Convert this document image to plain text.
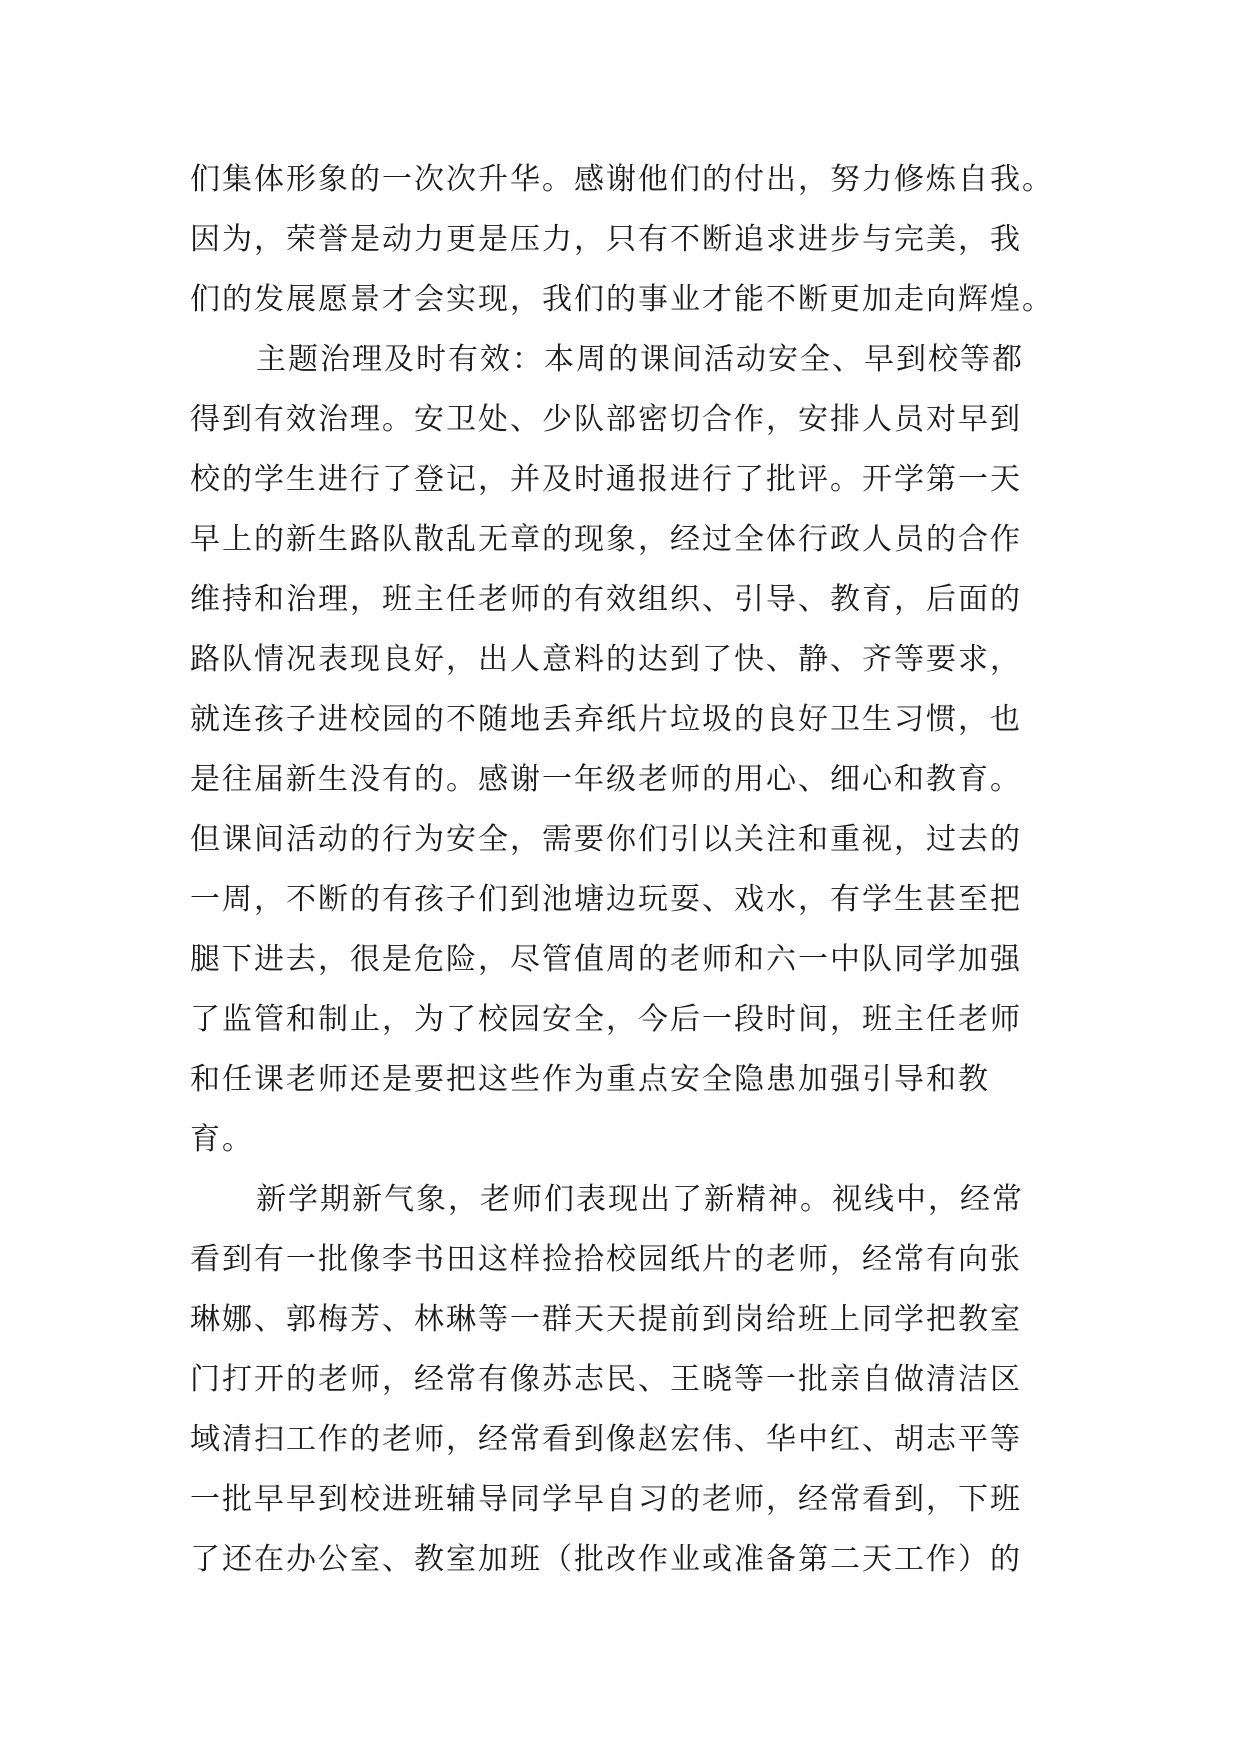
们集体形象的一次次升华。感谢他们的付出，努力修炼自我。
因为，荣誉是动力更是压力，只有不断追求进步与完美，我
们的发展愿景才会实现，我们的事业才能不断更加走向辉煌。
主题治理及时有效：本周的课间活动安全、早到校等都
得到有效治理。安卫处、少队部密切合作，安排人员对早到
校的学生进行了登记，并及时通报进行了批评。开学第一天
早上的新生路队散乱无章的现象，经过全体行政人员的合作
维持和治理，班主任老师的有效组织、引导、教育，后面的
路队情况表现良好，出人意料的达到了快、静、齐等要求，
就连孩子进校园的不随地丢弃纸片垃圾的良好卫生习惯，也
是往届新生没有的。感谢一年级老师的用心、细心和教育。
但课间活动的行为安全，需要你们引以关注和重视，过去的
一周，不断的有孩子们到池塘边玩耍、戏水，有学生甚至把
腿下进去，很是危险，尽管值周的老师和六一中队同学加强
了监管和制止，为了校园安全，今后一段时间，班主任老师
和任课老师还是要把这些作为重点安全隐患加强引导和教
育。
新学期新气象，老师们表现出了新精神。视线中，经常
看到有一批像李书田这样捡拾校园纸片的老师，经常有向张
琳娜、郭梅芳、林琳等一群天天提前到岗给班上同学把教室
门打开的老师，经常有像苏志民、王晓等一批亲自做清洁区
域清扫工作的老师，经常看到像赵宏伟、华中红、胡志平等
一批早早到校进班辅导同学早自习的老师，经常看到，下班
了还在办公室、教室加班（批改作业或准备第二天工作）的
